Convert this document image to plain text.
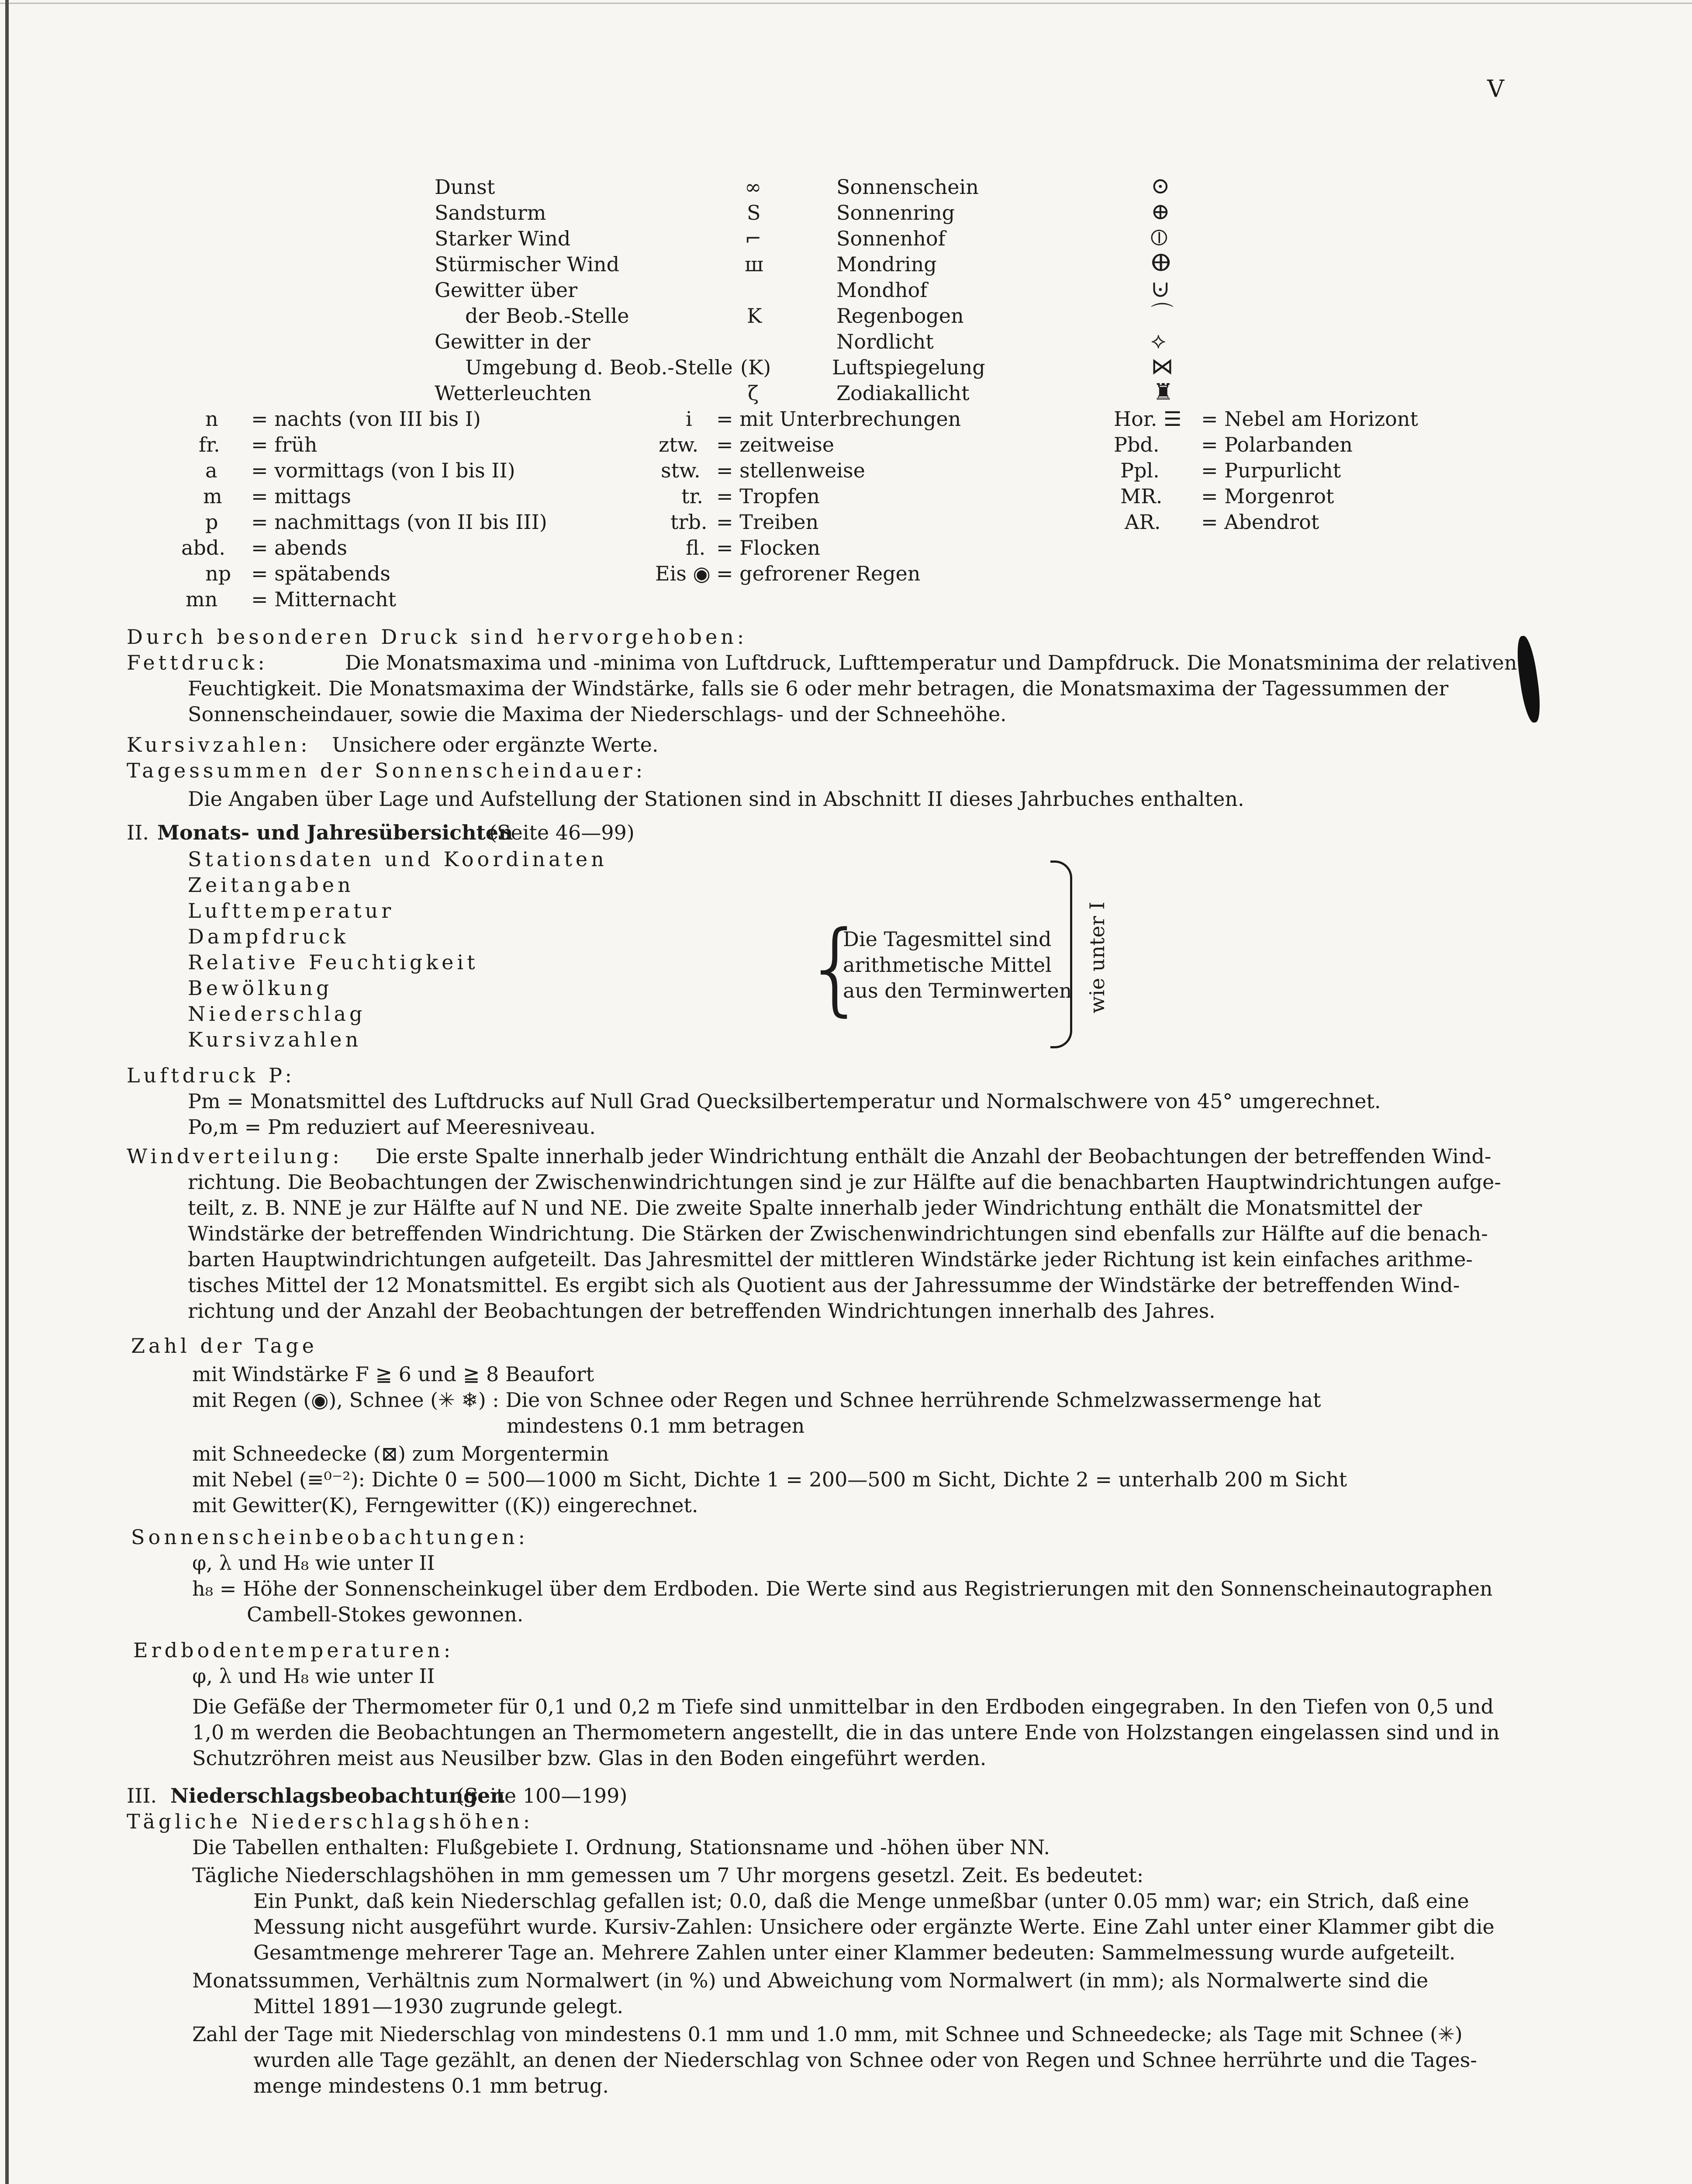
V
Dunst
Sandsturm
Starker Wind
Stürmischer Wind
Gewitter über
der Beob.-Stelle
Gewitter in der
Umgebung d. Beob.-Stelle
Wetterleuchten
∞
S
⌐
ш
K
(K)
ζ
Sonnenschein
Sonnenring
Sonnenhof
Mondring
Mondhof
Regenbogen
Nordlicht
Luftspiegelung
Zodiakallicht
⊙
⊕
⦶
ⴲ
⊍
⌒
⟡
⋈
♜
n = nachts (von III bis I)
fr. = früh
a = vormittags (von I bis II)
m = mittags
p = nachmittags (von II bis III)
abd. = abends
np = spätabends
mn = Mitternacht
i = mit Unterbrechungen
ztw. = zeitweise
stw. = stellenweise
tr. = Tropfen
trb. = Treiben
fl. = Flocken
Eis ◉ = gefrorener Regen
Hor. ☰ = Nebel am Horizont
Pbd. = Polarbanden
Ppl. = Purpurlicht
MR. = Morgenrot
AR. = Abendrot
Durch besonderen Druck sind hervorgehoben:
Fettdruck:	Die Monatsmaxima und -minima von Luftdruck, Lufttemperatur und Dampfdruck. Die Monatsminima der relativen
Feuchtigkeit. Die Monatsmaxima der Windstärke, falls sie 6 oder mehr betragen, die Monatsmaxima der Tagessummen der
Sonnenscheindauer, sowie die Maxima der Niederschlags- und der Schneehöhe.
Kursivzahlen: Unsichere oder ergänzte Werte.
Tagessummen der Sonnenscheindauer:
Die Angaben über Lage und Aufstellung der Stationen sind in Abschnitt II dieses Jahrbuches enthalten.
II. Monats- und Jahresübersichten
(Seite 46—99)
Stationsdaten und Koordinaten
Zeitangaben
Lufttemperatur
Dampfdruck
Relative Feuchtigkeit
Bewölkung
Niederschlag
Kursivzahlen
{
Die Tagesmittel sind
arithmetische Mittel
aus den Terminwerten wie unter I
Luftdruck P:
Pm = Monatsmittel des Luftdrucks auf Null Grad Quecksilbertemperatur und Normalschwere von 45° umgerechnet.
Po,m = Pm reduziert auf Meeresniveau.
Windverteilung: Die erste Spalte innerhalb jeder Windrichtung enthält die Anzahl der Beobachtungen der betreffenden Wind-
richtung. Die Beobachtungen der Zwischenwindrichtungen sind je zur Hälfte auf die benachbarten Hauptwindrichtungen aufge-
teilt, z. B. NNE je zur Hälfte auf N und NE. Die zweite Spalte innerhalb jeder Windrichtung enthält die Monatsmittel der
Windstärke der betreffenden Windrichtung. Die Stärken der Zwischenwindrichtungen sind ebenfalls zur Hälfte auf die benach-
barten Hauptwindrichtungen aufgeteilt. Das Jahresmittel der mittleren Windstärke jeder Richtung ist kein einfaches arithme-
tisches Mittel der 12 Monatsmittel. Es ergibt sich als Quotient aus der Jahressumme der Windstärke der betreffenden Wind-
richtung und der Anzahl der Beobachtungen der betreffenden Windrichtungen innerhalb des Jahres.
Zahl der Tage
mit Windstärke F ≧ 6 und ≧ 8 Beaufort
mit Regen (◉), Schnee (✳ ❄) : Die von Schnee oder Regen und Schnee herrührende Schmelzwassermenge hat
mindestens 0.1 mm betragen
mit Schneedecke (⊠) zum Morgentermin
mit Nebel (≡⁰⁻²): Dichte 0 = 500—1000 m Sicht, Dichte 1 = 200—500 m Sicht, Dichte 2 = unterhalb 200 m Sicht
mit Gewitter(K), Ferngewitter ((K)) eingerechnet.
Sonnenscheinbeobachtungen:
φ, λ und H₈ wie unter II
h₈ = Höhe der Sonnenscheinkugel über dem Erdboden. Die Werte sind aus Registrierungen mit den Sonnenscheinautographen
Cambell-Stokes gewonnen.
Erdbodentemperaturen:
φ, λ und H₈ wie unter II
Die Gefäße der Thermometer für 0,1 und 0,2 m Tiefe sind unmittelbar in den Erdboden eingegraben. In den Tiefen von 0,5 und
1,0 m werden die Beobachtungen an Thermometern angestellt, die in das untere Ende von Holzstangen eingelassen sind und in
Schutzröhren meist aus Neusilber bzw. Glas in den Boden eingeführt werden.
III. Niederschlagsbeobachtungen
(Seite 100—199)
Tägliche Niederschlagshöhen:
Die Tabellen enthalten: Flußgebiete I. Ordnung, Stationsname und -höhen über NN.
Tägliche Niederschlagshöhen in mm gemessen um 7 Uhr morgens gesetzl. Zeit. Es bedeutet:
Ein Punkt, daß kein Niederschlag gefallen ist; 0.0, daß die Menge unmeßbar (unter 0.05 mm) war; ein Strich, daß eine
Messung nicht ausgeführt wurde. Kursiv-Zahlen: Unsichere oder ergänzte Werte. Eine Zahl unter einer Klammer gibt die
Gesamtmenge mehrerer Tage an. Mehrere Zahlen unter einer Klammer bedeuten: Sammelmessung wurde aufgeteilt.
Monatssummen, Verhältnis zum Normalwert (in %) und Abweichung vom Normalwert (in mm); als Normalwerte sind die
Mittel 1891—1930 zugrunde gelegt.
Zahl der Tage mit Niederschlag von mindestens 0.1 mm und 1.0 mm, mit Schnee und Schneedecke; als Tage mit Schnee (✳)
wurden alle Tage gezählt, an denen der Niederschlag von Schnee oder von Regen und Schnee herrührte und die Tages-
menge mindestens 0.1 mm betrug.
